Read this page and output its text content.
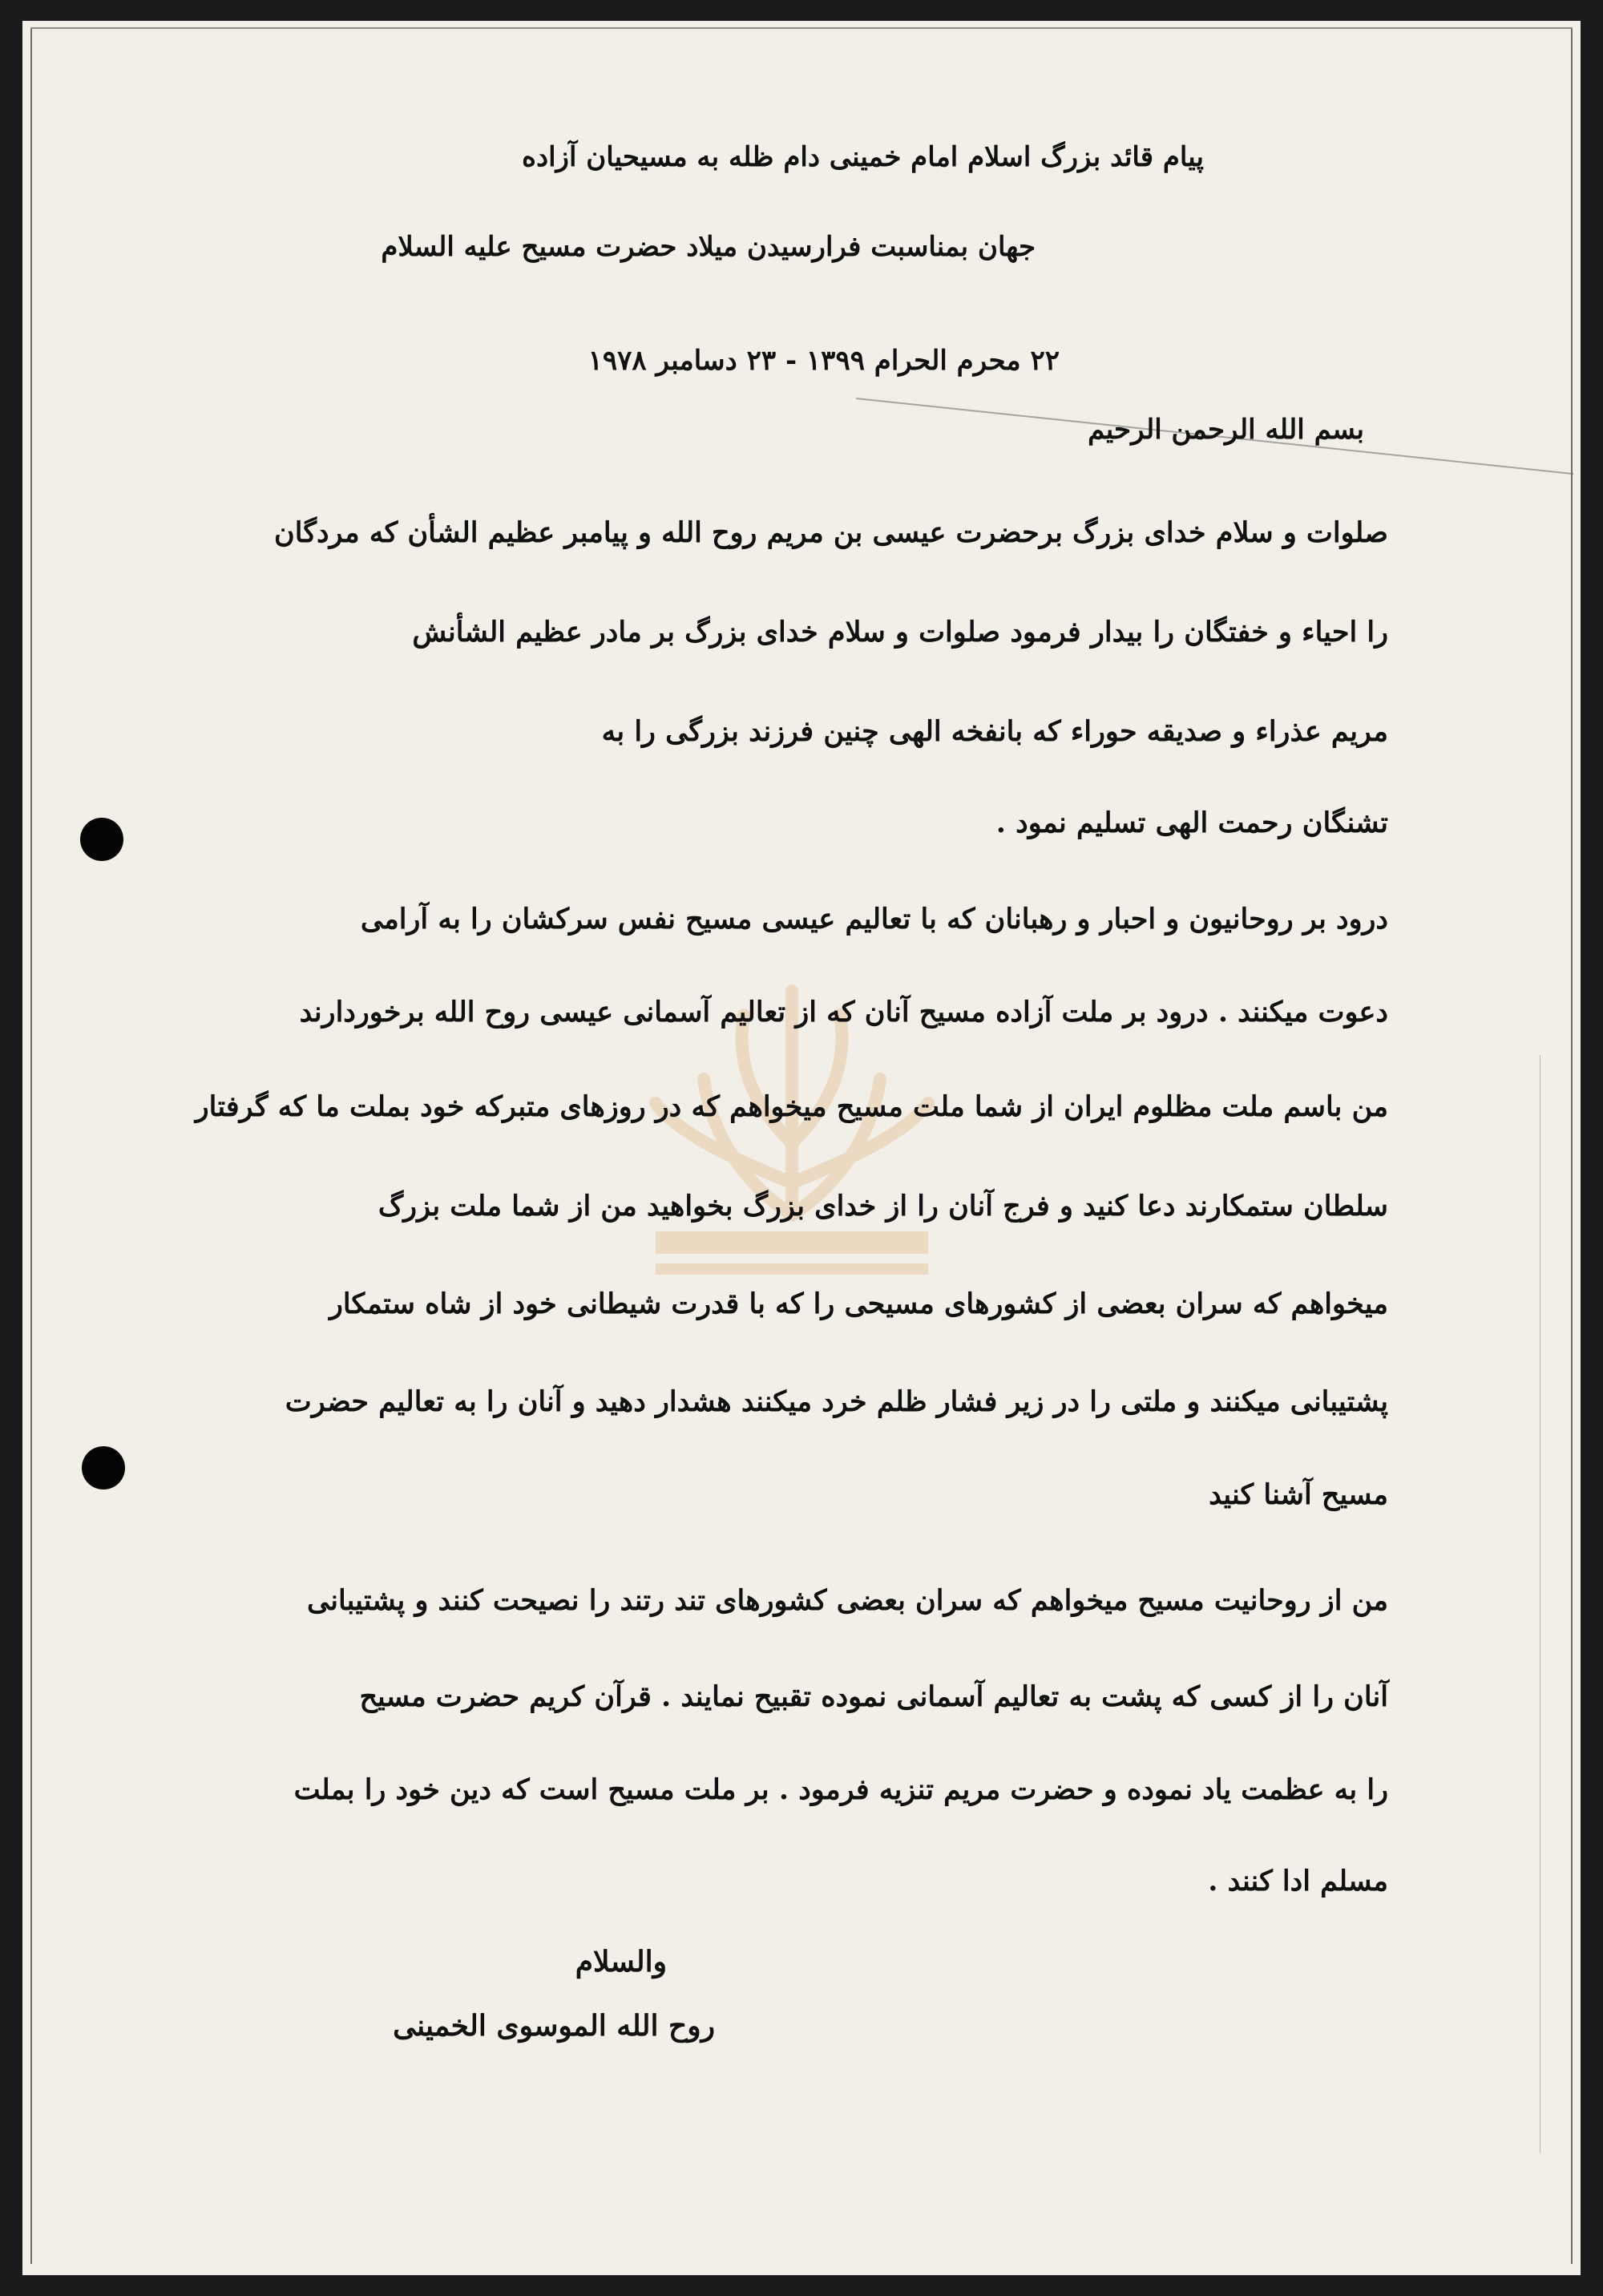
پیام قائد بزرگ اسلام امام خمینی دام ظله به مسیحیان آزاده
جهان بمناسبت فرارسیدن میلاد حضرت مسیح علیه السلام
۲۲ محرم الحرام ۱۳۹۹ - ۲۳ دسامبر ۱۹۷۸
بسم الله الرحمن الرحیم
صلوات و سلام خدای بزرگ برحضرت عیسی بن مریم روح الله و پیامبر عظیم الشأن که مردگان
را احیاء و خفتگان را بیدار فرمود صلوات و سلام خدای بزرگ بر مادر عظیم الشأنش
مریم عذراء و صدیقه حوراء که بانفخه الهی چنین فرزند بزرگی را به
تشنگان رحمت الهی تسلیم نمود .
درود بر روحانیون و احبار و رهبانان که با تعالیم عیسی مسیح نفس سرکشان را به آرامی
دعوت میکنند . درود بر ملت آزاده مسیح آنان که از تعالیم آسمانی عیسی روح الله برخوردارند
من باسم ملت مظلوم ایران از شما ملت مسیح میخواهم که در روزهای متبرکه خود بملت ما که گرفتار
سلطان ستمکارند دعا کنید و فرج آنان را از خدای بزرگ بخواهید من از شما ملت بزرگ
میخواهم که سران بعضی از کشورهای مسیحی را که با قدرت شیطانی خود از شاه ستمکار
پشتیبانی میکنند و ملتی را در زیر فشار ظلم خرد میکنند هشدار دهید و آنان را به تعالیم حضرت
مسیح آشنا کنید
من از روحانیت مسیح میخواهم که سران بعضی کشورهای تند رتند را نصیحت کنند و پشتیبانی
آنان را از کسی که پشت به تعالیم آسمانی نموده تقبیح نمایند . قرآن کریم حضرت مسیح
را به عظمت یاد نموده و حضرت مریم تنزیه فرمود . بر ملت مسیح است که دین خود را بملت
مسلم ادا کنند .
والسلام
روح الله الموسوی الخمینی
